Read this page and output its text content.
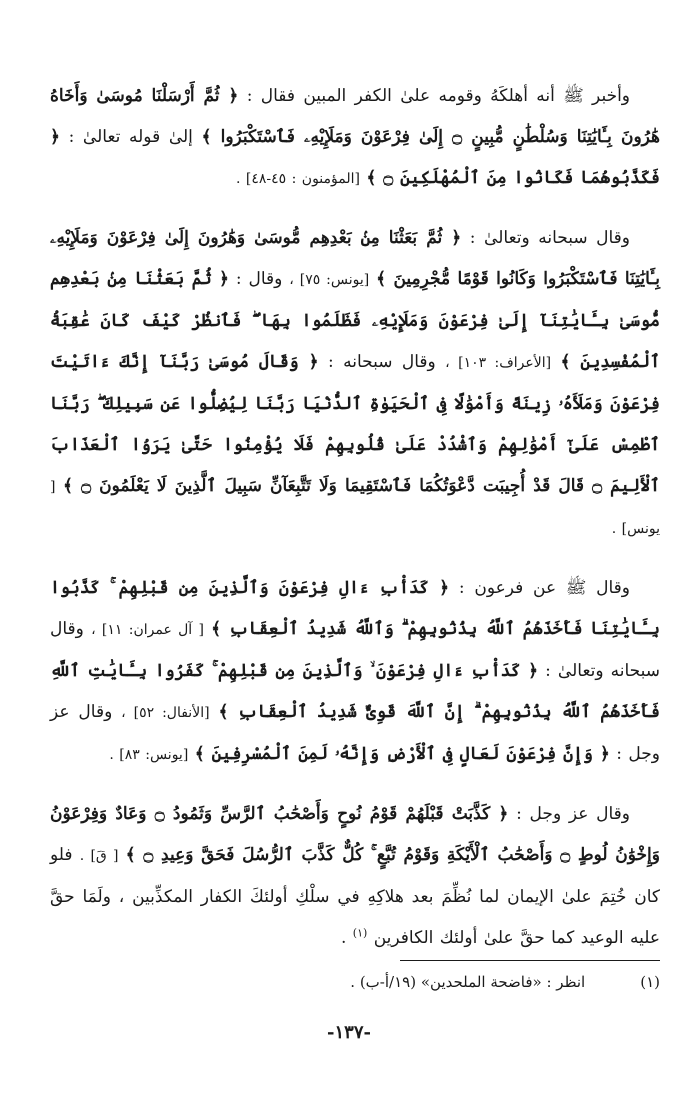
وأخبر ﷺ أنه أهلكَهُ وقومه علىٰ الكفر المبين فقال : ﴿ ثُمَّ أَرْسَلْنَا مُوسَىٰ وَأَخَاهُ هَٰرُونَ بِـَٔايَٰتِنَا وَسُلْطَٰنٍ مُّبِينٍ ۝ إِلَىٰ فِرْعَوْنَ وَمَلَإِيْهِۦ فَٱسْتَكْبَرُوا ﴾ إلىٰ قوله تعالىٰ : ﴿ فَكَذَّبُوهُمَا فَكَانُوا مِنَ ٱلْمُهْلَكِينَ ۝ ﴾ [المؤمنون : ٤٥-٤٨] .

وقال سبحانه وتعالىٰ : ﴿ ثُمَّ بَعَثْنَا مِنۢ بَعْدِهِم مُّوسَىٰ وَهَٰرُونَ إِلَىٰ فِرْعَوْنَ وَمَلَإِيْهِۦ بِـَٔايَٰتِنَا فَٱسْتَكْبَرُوا وَكَانُوا قَوْمًا مُّجْرِمِينَ ﴾ [يونس: ٧٥] ، وقال : ﴿ ثُمَّ بَعَثْنَا مِنۢ بَعْدِهِم مُّوسَىٰ بِـَٔايَٰتِنَآ إِلَىٰ فِرْعَوْنَ وَمَلَإِيْهِۦ فَظَلَمُوا بِهَا ۖ فَٱنظُرْ كَيْفَ كَانَ عَٰقِبَةُ ٱلْمُفْسِدِينَ ﴾ [الأعراف: ١٠٣] ، وقال سبحانه : ﴿ وَقَالَ مُوسَىٰ رَبَّنَآ إِنَّكَ ءَاتَيْتَ فِرْعَوْنَ وَمَلَأَهُۥ زِينَةً وَأَمْوَٰلًا فِى ٱلْحَيَوٰةِ ٱلدُّنْيَا رَبَّنَا لِيُضِلُّوا عَن سَبِيلِكَ ۖ رَبَّنَا ٱطْمِسْ عَلَىٰٓ أَمْوَٰلِهِمْ وَٱشْدُدْ عَلَىٰ قُلُوبِهِمْ فَلَا يُؤْمِنُوا حَتَّىٰ يَرَوُا ٱلْعَذَابَ ٱلْأَلِيمَ ۝ قَالَ قَدْ أُجِيبَت دَّعْوَتُكُمَا فَٱسْتَقِيمَا وَلَا تَتَّبِعَآنِّ سَبِيلَ ٱلَّذِينَ لَا يَعْلَمُونَ ۝ ﴾ [ يونس] .

وقال ﷺ عن فرعون : ﴿ كَدَأْبِ ءَالِ فِرْعَوْنَ وَٱلَّذِينَ مِن قَبْلِهِمْ ۚ كَذَّبُوا بِـَٔايَٰتِنَا فَأَخَذَهُمُ ٱللَّهُ بِذُنُوبِهِمْ ۗ وَٱللَّهُ شَدِيدُ ٱلْعِقَابِ ﴾ [ آل عمران: ١١] ، وقال سبحانه وتعالىٰ : ﴿ كَدَأْبِ ءَالِ فِرْعَوْنَ ۙ وَٱلَّذِينَ مِن قَبْلِهِمْ ۚ كَفَرُوا بِـَٔايَٰتِ ٱللَّهِ فَأَخَذَهُمُ ٱللَّهُ بِذُنُوبِهِمْ ۗ إِنَّ ٱللَّهَ قَوِىٌّ شَدِيدُ ٱلْعِقَابِ ﴾ [الأنفال: ٥٢] ، وقال عز وجل : ﴿ وَإِنَّ فِرْعَوْنَ لَعَالٍ فِى ٱلْأَرْضِ وَإِنَّهُۥ لَمِنَ ٱلْمُسْرِفِينَ ﴾ [يونس: ٨٣] .

وقال عز وجل : ﴿ كَذَّبَتْ قَبْلَهُمْ قَوْمُ نُوحٍ وَأَصْحَٰبُ ٱلرَّسِّ وَثَمُودُ ۝ وَعَادٌ وَفِرْعَوْنُ وَإِخْوَٰنُ لُوطٍ ۝ وَأَصْحَٰبُ ٱلْأَيْكَةِ وَقَوْمُ تُبَّعٍ ۚ كُلٌّ كَذَّبَ ٱلرُّسُلَ فَحَقَّ وَعِيدِ ۝ ﴾ [ قَ] . فلو كان خُتِمَ علىٰ الإيمان لما نُظِّمَ بعد هلاكِهِ في سلْكِ أولئكَ الكفار المكذِّبين ، ولَمَا حقَّ عليه الوعيد كما حقَّ علىٰ أولئك الكافرين $^{(١)}$ .

(١) انظر : «فاضحة الملحدين» (١٩/أ-ب) .
-١٣٧-
